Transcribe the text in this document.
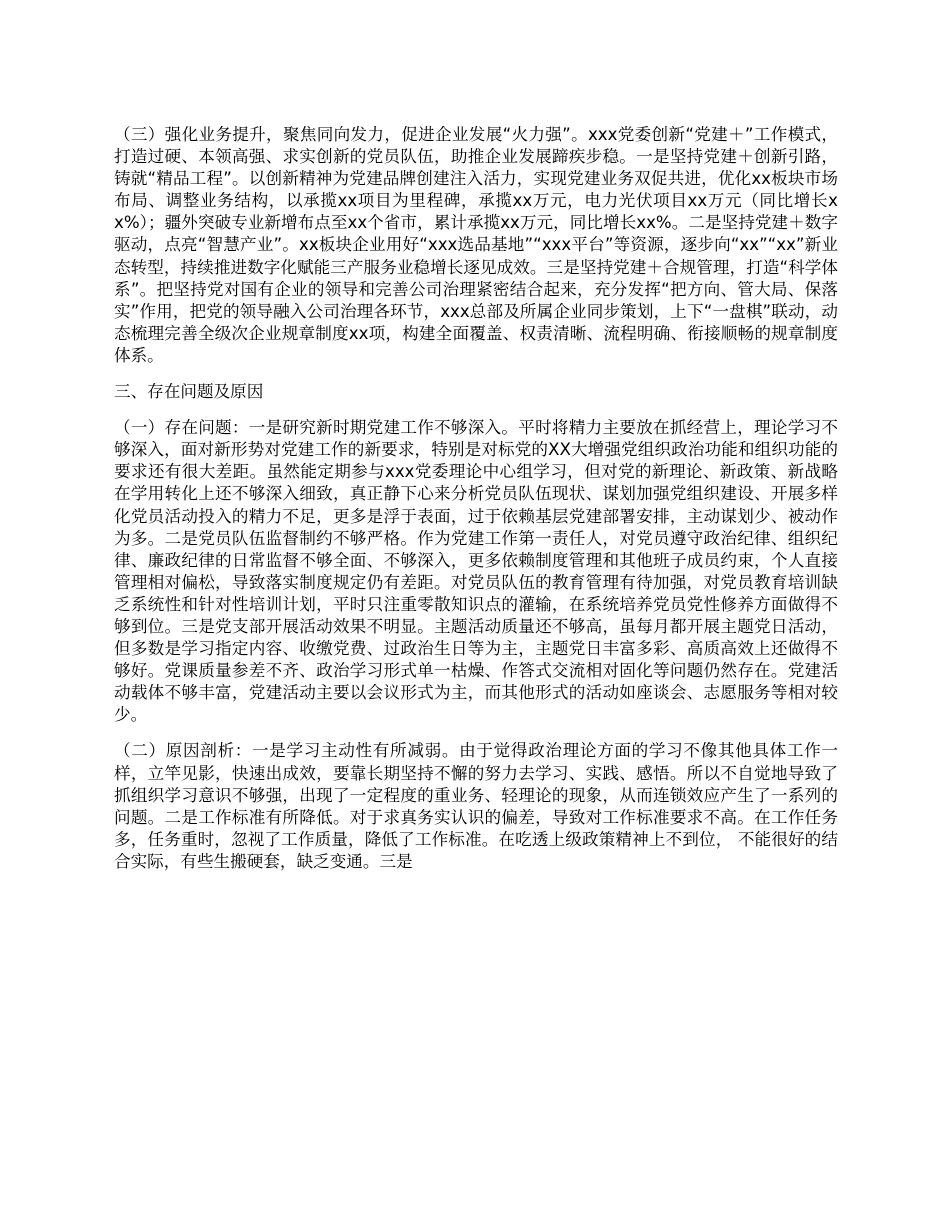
（三）强化业务提升，聚焦同向发力，促进企业发展“火力强”。xxx党委创新“党建＋”工作模式，打造过硬、本领高强、求实创新的党员队伍，助推企业发展蹄疾步稳。一是坚持党建＋创新引路，铸就“精品工程”。以创新精神为党建品牌创建注入活力，实现党建业务双促共进，优化xx板块市场布局、调整业务结构，以承揽xx项目为里程碑，承揽xx万元，电力光伏项目xx万元（同比增长xx%）；疆外突破专业新增布点至xx个省市，累计承揽xx万元，同比增长xx%。二是坚持党建＋数字驱动，点亮“智慧产业”。xx板块企业用好“xxx选品基地”“xxx平台”等资源，逐步向“xx”“xx”新业态转型，持续推进数字化赋能三产服务业稳增长逐见成效。三是坚持党建＋合规管理，打造“科学体系”。把坚持党对国有企业的领导和完善公司治理紧密结合起来，充分发挥“把方向、管大局、保落实”作用，把党的领导融入公司治理各环节，xxx总部及所属企业同步策划，上下“一盘棋”联动，动态梳理完善全级次企业规章制度xx项，构建全面覆盖、权责清晰、流程明确、衔接顺畅的规章制度体系。

三、存在问题及原因

（一）存在问题：一是研究新时期党建工作不够深入。平时将精力主要放在抓经营上，理论学习不够深入，面对新形势对党建工作的新要求，特别是对标党的XX大增强党组织政治功能和组织功能的要求还有很大差距。虽然能定期参与xxx党委理论中心组学习，但对党的新理论、新政策、新战略在学用转化上还不够深入细致，真正静下心来分析党员队伍现状、谋划加强党组织建设、开展多样化党员活动投入的精力不足，更多是浮于表面，过于依赖基层党建部署安排，主动谋划少、被动作为多。二是党员队伍监督制约不够严格。作为党建工作第一责任人，对党员遵守政治纪律、组织纪律、廉政纪律的日常监督不够全面、不够深入，更多依赖制度管理和其他班子成员约束，个人直接管理相对偏松，导致落实制度规定仍有差距。对党员队伍的教育管理有待加强，对党员教育培训缺乏系统性和针对性培训计划，平时只注重零散知识点的灌输，在系统培养党员党性修养方面做得不够到位。三是党支部开展活动效果不明显。主题活动质量还不够高，虽每月都开展主题党日活动，但多数是学习指定内容、收缴党费、过政治生日等为主，主题党日丰富多彩、高质高效上还做得不够好。党课质量参差不齐、政治学习形式单一枯燥、作答式交流相对固化等问题仍然存在。党建活动载体不够丰富，党建活动主要以会议形式为主，而其他形式的活动如座谈会、志愿服务等相对较少。

（二）原因剖析：一是学习主动性有所减弱。由于觉得政治理论方面的学习不像其他具体工作一样，立竿见影，快速出成效，要靠长期坚持不懈的努力去学习、实践、感悟。所以不自觉地导致了抓组织学习意识不够强，出现了一定程度的重业务、轻理论的现象，从而连锁效应产生了一系列的问题。二是工作标准有所降低。对于求真务实认识的偏差，导致对工作标准要求不高。在工作任务多，任务重时，忽视了工作质量，降低了工作标准。在吃透上级政策精神上不到位， 不能很好的结合实际，有些生搬硬套，缺乏变通。三是
